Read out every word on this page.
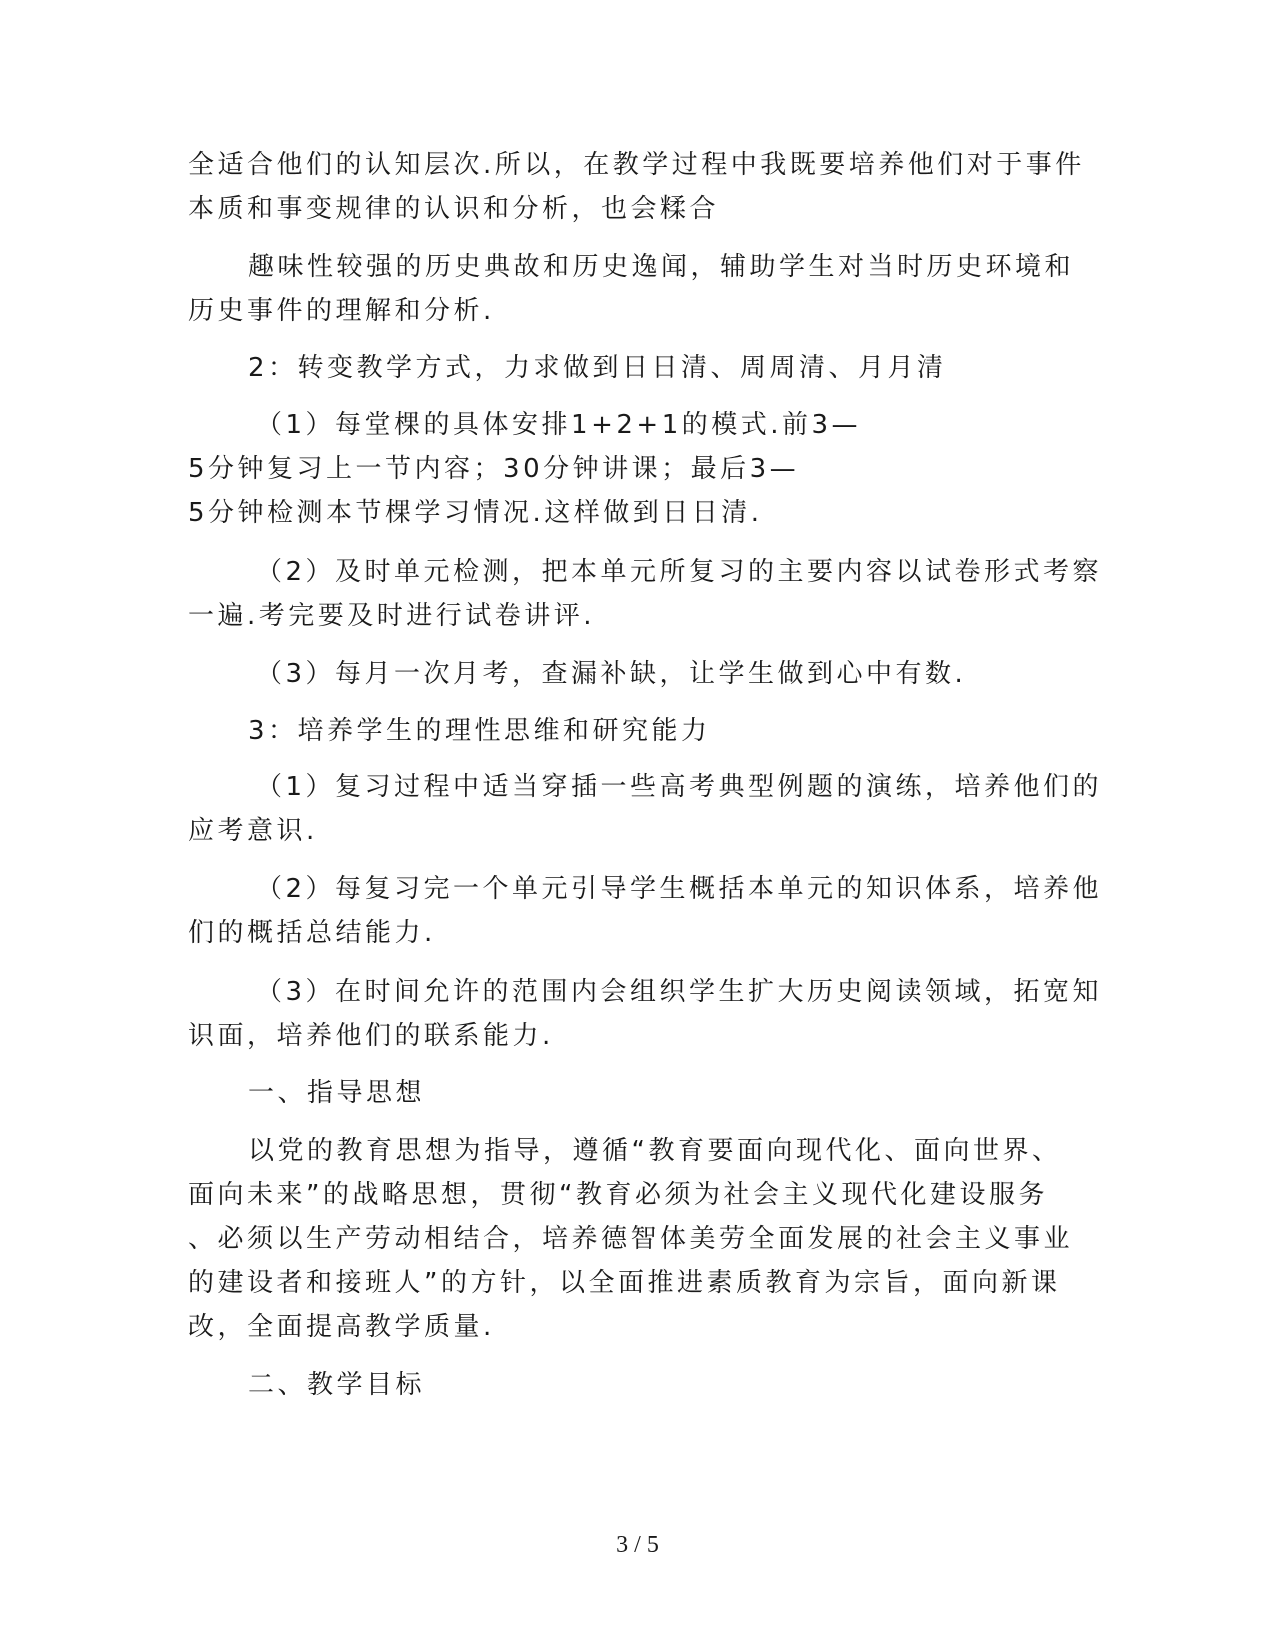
全适合他们的认知层次.所以，在教学过程中我既要培养他们对于事件
本质和事变规律的认识和分析，也会糅合
趣味性较强的历史典故和历史逸闻，辅助学生对当时历史环境和
历史事件的理解和分析.
2：转变教学方式，力求做到日日清、周周清、月月清
（1）每堂棵的具体安排1+2+1的模式.前3—
5分钟复习上一节内容；30分钟讲课；最后3—
5分钟检测本节棵学习情况.这样做到日日清.
（2）及时单元检测，把本单元所复习的主要内容以试卷形式考察
一遍.考完要及时进行试卷讲评.
（3）每月一次月考，查漏补缺，让学生做到心中有数.
3：培养学生的理性思维和研究能力
（1）复习过程中适当穿插一些高考典型例题的演练，培养他们的
应考意识.
（2）每复习完一个单元引导学生概括本单元的知识体系，培养他
们的概括总结能力.
（3）在时间允许的范围内会组织学生扩大历史阅读领域，拓宽知
识面，培养他们的联系能力.
一、指导思想
以党的教育思想为指导，遵循“教育要面向现代化、面向世界、
面向未来”的战略思想，贯彻“教育必须为社会主义现代化建设服务
、必须以生产劳动相结合，培养德智体美劳全面发展的社会主义事业
的建设者和接班人”的方针，以全面推进素质教育为宗旨，面向新课
改，全面提高教学质量.
二、教学目标
3 / 5
